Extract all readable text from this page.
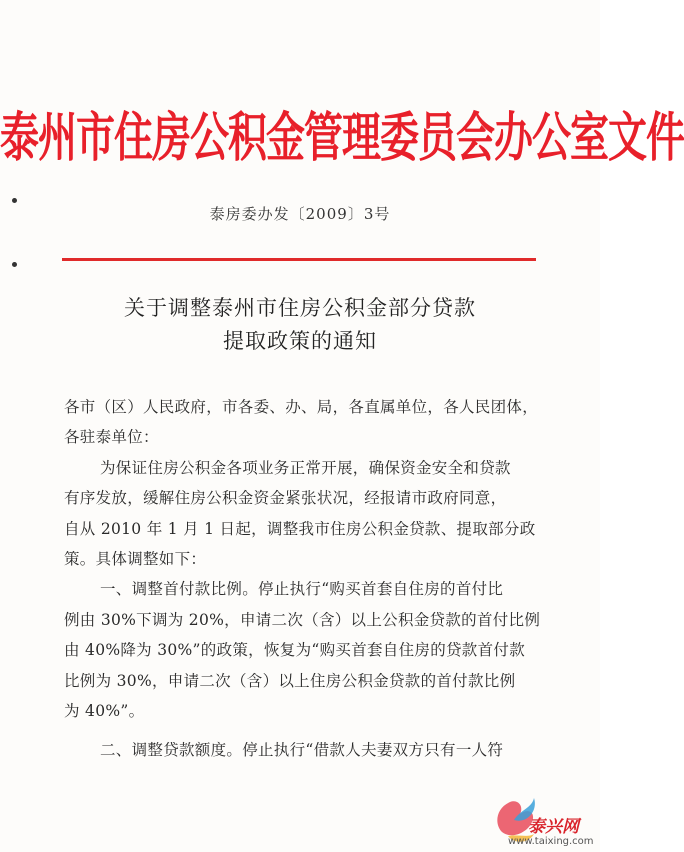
泰州市住房公积金管理委员会办公室文件
泰房委办发〔2009〕3号
关于调整泰州市住房公积金部分贷款
提取政策的通知
各市（区）人民政府，市各委、办、局，各直属单位，各人民团体，
各驻泰单位：
为保证住房公积金各项业务正常开展，确保资金安全和贷款
有序发放，缓解住房公积金资金紧张状况，经报请市政府同意，
自从 2010 年 1 月 1 日起，调整我市住房公积金贷款、提取部分政
策。具体调整如下：
一、调整首付款比例。停止执行“购买首套自住房的首付比
例由 30%下调为 20%，申请二次（含）以上公积金贷款的首付比例
由 40%降为 30%”的政策，恢复为“购买首套自住房的贷款首付款
比例为 30%，申请二次（含）以上住房公积金贷款的首付款比例
为 40%”。
二、调整贷款额度。停止执行“借款人夫妻双方只有一人符
泰兴网
www.taixing.com
